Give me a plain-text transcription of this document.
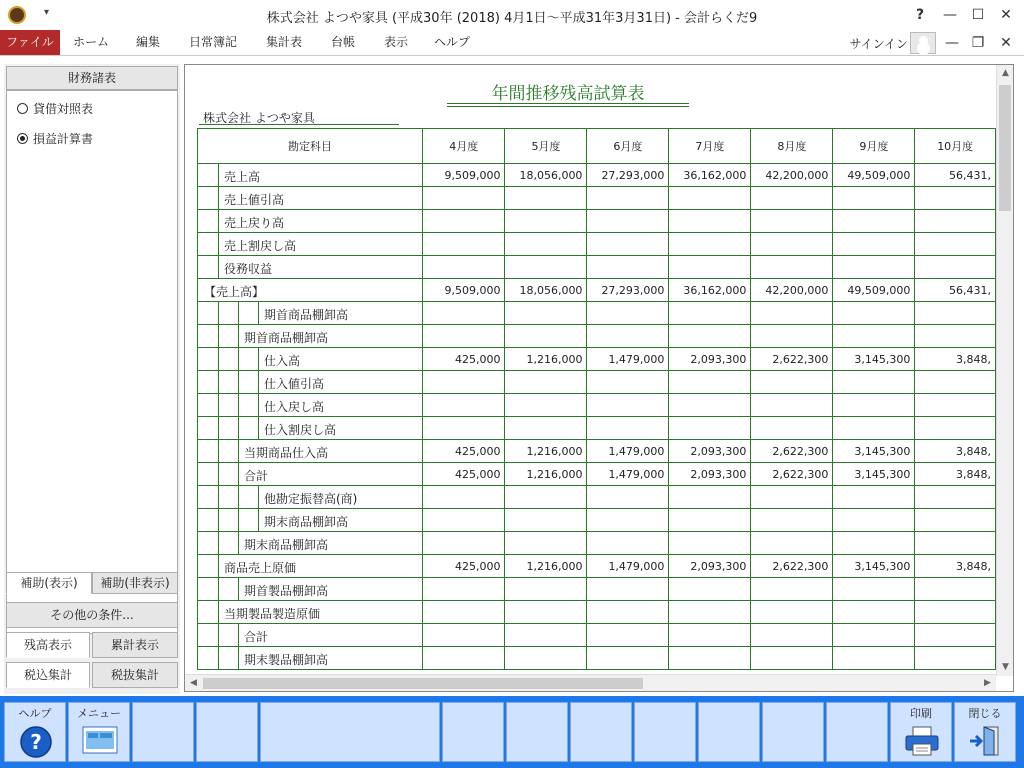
▾	株式会社 よつや家具 (平成30年 (2018) 4月1日～平成31年3月31日) - 会計らくだ9	?	—	☐	✕
ファイル	ホーム	編集	日常簿記	集計表	台帳	表示	ヘルプ	サインイン	— ❐	✕
財務諸表
貸借対照表
損益計算書
補助(表示)	補助(非表示)
その他の条件...
残高表示	累計表示
税込集計	税抜集計
年間推移残高試算表
株式会社 よつや家具
勘定科目	4月度	5月度	6月度	7月度	8月度	9月度	10月度

売上高	9,509,000	18,056,000	27,293,000	36,162,000	42,200,000	49,509,000	56,431,

売上値引高							

売上戻り高							

売上割戻し高							

役務収益							

【売上高】	9,509,000	18,056,000	27,293,000	36,162,000	42,200,000	49,509,000	56,431,

期首商品棚卸高							

期首商品棚卸高							

仕入高	425,000	1,216,000	1,479,000	2,093,300	2,622,300	3,145,300	3,848,

仕入値引高							

仕入戻し高							

仕入割戻し高							

当期商品仕入高	425,000	1,216,000	1,479,000	2,093,300	2,622,300	3,145,300	3,848,

合計	425,000	1,216,000	1,479,000	2,093,300	2,622,300	3,145,300	3,848,

他勘定振替高(商)							

期末商品棚卸高							

期末商品棚卸高							

商品売上原価	425,000	1,216,000	1,479,000	2,093,300	2,622,300	3,145,300	3,848,

期首製品棚卸高							

当期製品製造原価							

合計							

期末製品棚卸高							

▲
▼
◀	▶
ヘルプ
?
メニュー	印刷	閉じる
